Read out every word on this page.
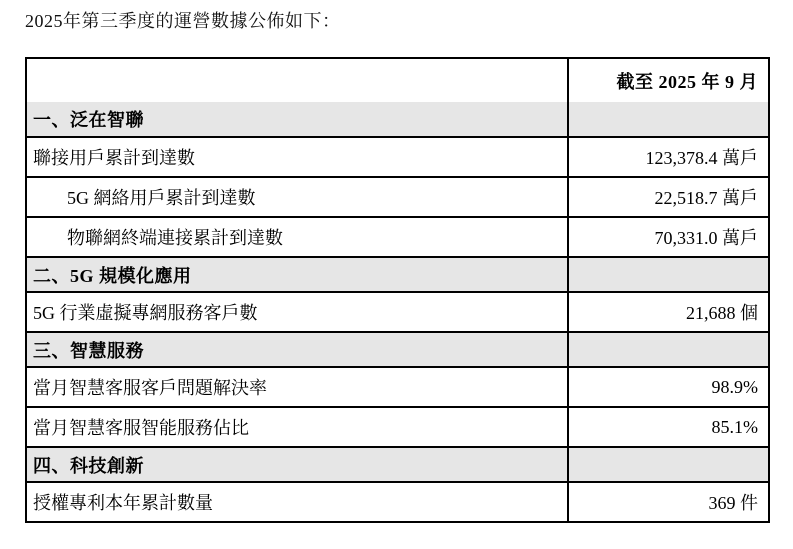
2025年第三季度的運營數據公佈如下：

	截至 2025 年 9 月
一、泛在智聯	
聯接用戶累計到達數	123,378.4 萬戶
5G 網絡用戶累計到達數	22,518.7 萬戶
物聯網終端連接累計到達數	70,331.0 萬戶
二、5G 規模化應用	
5G 行業虛擬專網服務客戶數	21,688 個
三、智慧服務	
當月智慧客服客戶問題解決率	98.9%
當月智慧客服智能服務佔比	85.1%
四、科技創新	
授權專利本年累計數量	369 件
